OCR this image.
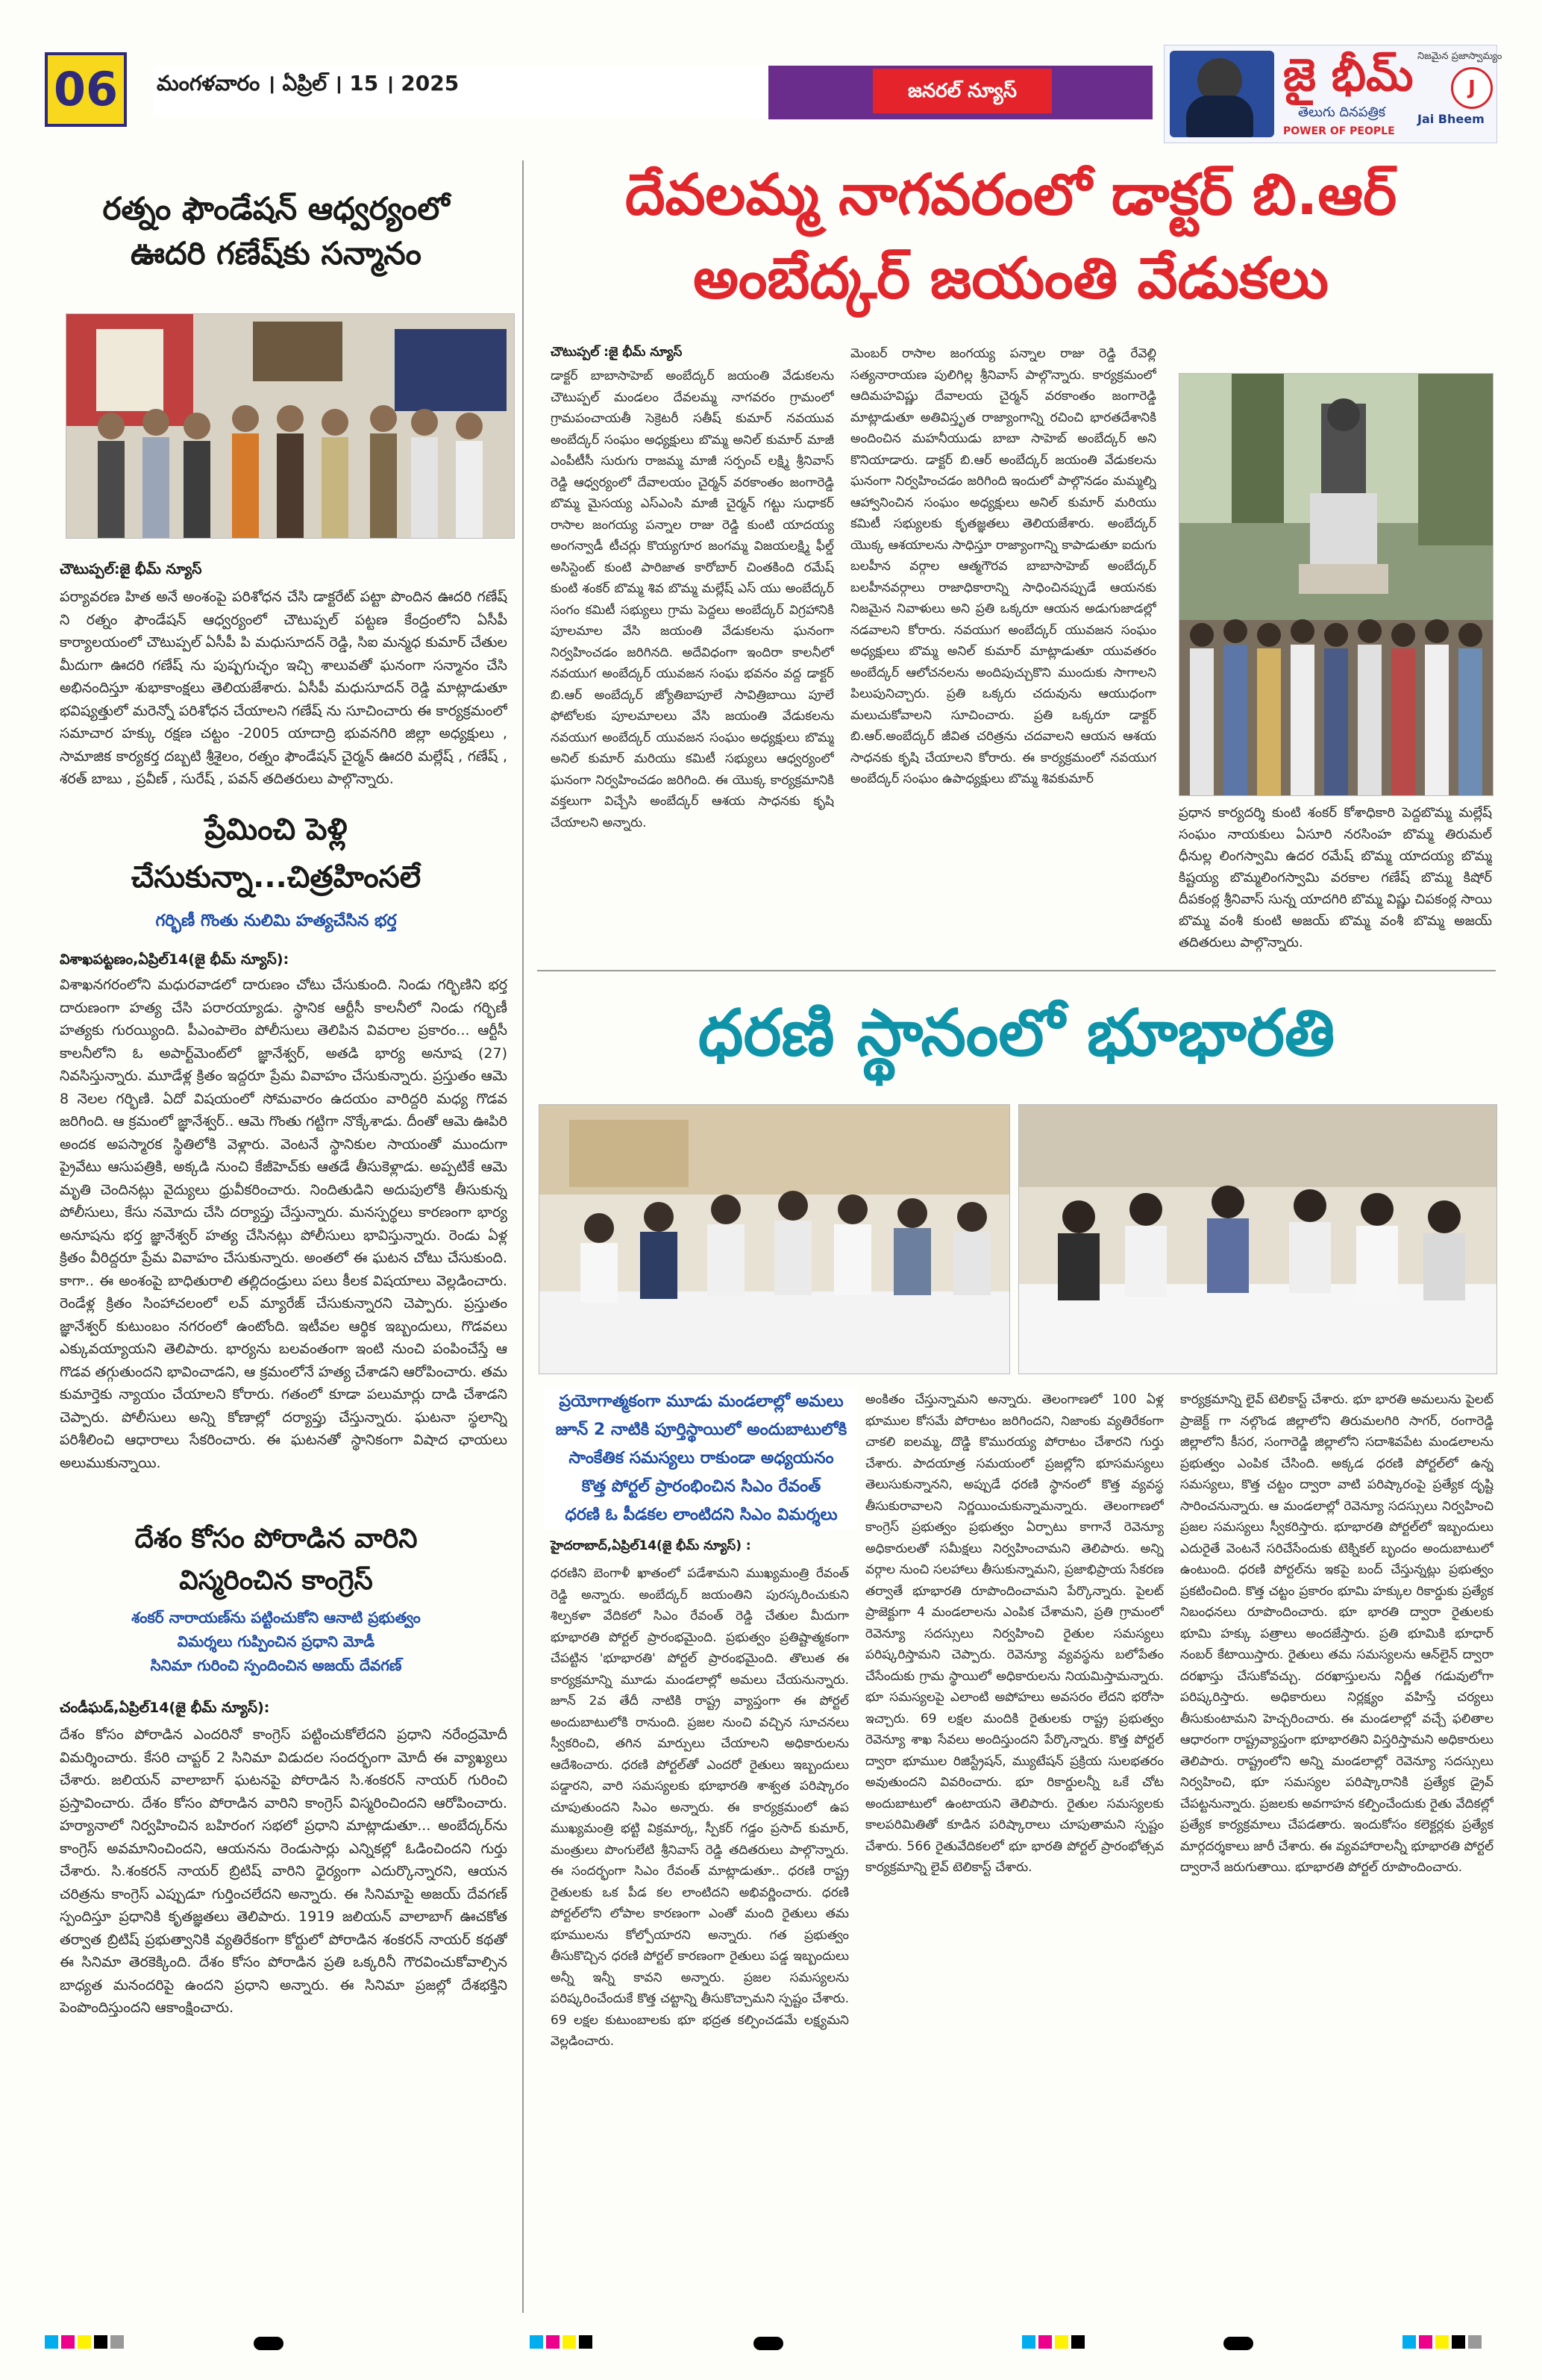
06	మంగళవారం । ఏప్రిల్ । 15 । 2025	జనరల్ న్యూస్	జై భీమ్
తెలుగు దినపత్రిక
నిజమైన ప్రజాస్వామ్యం
J
Jai Bheem
POWER OF PEOPLE
రత్నం ఫౌండేషన్ ఆధ్వర్యంలో
ఊదరి గణేష్‌కు సన్మానం
చౌటుప్పల్:జై భీమ్ న్యూస్
పర్యావరణ హిత అనే అంశంపై పరిశోధన చేసి డాక్టరేట్ పట్టా పొందిన ఊదరి గణేష్‌ ని రత్నం ఫౌండేషన్ ఆధ్వర్యంలో చౌటుప్పల్ పట్టణ కేంద్రంలోని ఏసీపీ కార్యాలయంలో చౌటుప్పల్ ఏసీపీ పి మధుసూదన్ రెడ్డి, సిఐ మన్మధ కుమార్ చేతుల మీదుగా ఊదరి గణేష్ ను పుష్పగుచ్ఛం ఇచ్చి శాలువతో ఘనంగా సన్మానం చేసి అభినందిస్తూ శుభాకాంక్షలు తెలియజేశారు. ఏసీపీ మధుసూదన్ రెడ్డి మాట్లాడుతూ భవిష్యత్తులో మరెన్నో పరిశోధన చేయాలని గణేష్ ను సూచించారు ఈ కార్యక్రమంలో సమాచార హక్కు రక్షణ చట్టం -2005 యాదాద్రి భువనగిరి జిల్లా అధ్యక్షులు , సామాజిక కార్యకర్త దబ్బటి శ్రీశైలం, రత్నం ఫౌండేషన్ చైర్మన్ ఊదరి మల్లేష్ , గణేష్ , శరత్ బాబు , ప్రవీణ్ , సురేష్ , పవన్ తదితరులు పాల్గొన్నారు.
ప్రేమించి పెళ్లి
చేసుకున్నా...చిత్రహింసలే
గర్భిణీ గొంతు నులిమి హత్యచేసిన భర్త
విశాఖపట్టణం,ఏప్రిల్14(జై భీమ్ న్యూస్):
విశాఖనగరంలోని మధురవాడలో దారుణం చోటు చేసుకుంది. నిండు గర్భిణిని భర్త దారుణంగా హత్య చేసి పరారయ్యాడు. స్థానిక ఆర్టీసీ కాలనీలో నిండు గర్భిణీ హత్యకు గురయ్యింది. పీఎంపాలెం పోలీసులు తెలిపిన వివరాల ప్రకారం... ఆర్టీసీ కాలనీలోని ఓ అపార్ట్‌మెంట్‌లో జ్ఞానేశ్వర్, అతడి భార్య అనూష (27) నివసిస్తున్నారు. మూడేళ్ల క్రితం ఇద్దరూ ప్రేమ వివాహం చేసుకున్నారు. ప్రస్తుతం ఆమె 8 నెలల గర్భిణి. ఏదో విషయంలో సోమవారం ఉదయం వారిద్దరి మధ్య గొడవ జరిగింది. ఆ క్రమంలో జ్ఞానేశ్వర్.. ఆమె గొంతు గట్టిగా నొక్కేశాడు. దీంతో ఆమె ఊపిరి అందక అపస్మారక స్థితిలోకి వెళ్లారు. వెంటనే స్థానికుల సాయంతో ముందుగా ప్రైవేటు ఆసుపత్రికి, అక్కడి నుంచి కేజీహెచ్‌కు ఆతడే తీసుకెళ్లాడు. అప్పటికే ఆమె మృతి చెందినట్లు వైద్యులు ధ్రువీకరించారు. నిందితుడిని అదుపులోకి తీసుకున్న పోలీసులు, కేసు నమోదు చేసి దర్యాప్తు చేస్తున్నారు. మనస్పర్థలు కారణంగా భార్య అనూషను భర్త జ్ఞానేశ్వర్ హత్య చేసినట్లు పోలీసులు భావిస్తున్నారు. రెండు ఏళ్ల క్రితం వీరిద్దరూ ప్రేమ వివాహం చేసుకున్నారు. అంతలో ఈ ఘటన చోటు చేసుకుంది. కాగా.. ఈ అంశంపై బాధితురాలి తల్లిదండ్రులు పలు కీలక విషయాలు వెల్లడించారు. రెండేళ్ల క్రితం సింహాచలంలో లవ్ మ్యారేజ్ చేసుకున్నారని చెప్పారు. ప్రస్తుతం జ్ఞానేశ్వర్ కుటుంబం నగరంలో ఉంటోంది. ఇటీవల ఆర్థిక ఇబ్బందులు, గొడవలు ఎక్కువయ్యాయని తెలిపారు. భార్యను బలవంతంగా ఇంటి నుంచి పంపించేస్తే ఆ గొడవ తగ్గుతుందని భావించాడని, ఆ క్రమంలోనే హత్య చేశాడని ఆరోపించారు. తమ కుమార్తెకు న్యాయం చేయాలని కోరారు. గతంలో కూడా పలుమార్లు దాడి చేశాడని చెప్పారు. పోలీసులు అన్ని కోణాల్లో దర్యాప్తు చేస్తున్నారు. ఘటనా స్థలాన్ని పరిశీలించి ఆధారాలు సేకరించారు. ఈ ఘటనతో స్థానికంగా విషాద ఛాయలు అలుముకున్నాయి.
దేశం కోసం పోరాడిన వారిని
విస్మరించిన కాంగ్రెస్
శంకర్ నారాయణ్‌ను పట్టించుకోని ఆనాటి ప్రభుత్వం
విమర్శలు గుప్పించిన ప్రధాని మోడీ
సినిమా గురించి స్పందించిన అజయ్ దేవగణ్
చండీఘడ్,ఏప్రిల్14(జై భీమ్ న్యూస్):
దేశం కోసం పోరాడిన ఎందరినో కాంగ్రెస్ పట్టించుకోలేదని ప్రధాని నరేంద్రమోదీ విమర్శించారు. కేసరి చాప్టర్ 2 సినిమా విడుదల సందర్భంగా మోదీ ఈ వ్యాఖ్యలు చేశారు. జలియన్ వాలాబాగ్ ఘటనపై పోరాడిన సి.శంకరన్ నాయర్ గురించి ప్రస్తావించారు. దేశం కోసం పోరాడిన వారిని కాంగ్రెస్ విస్మరించిందని ఆరోపించారు. హర్యానాలో నిర్వహించిన బహిరంగ సభలో ప్రధాని మాట్లాడుతూ... అంబేద్కర్‌ను కాంగ్రెస్ అవమానించిందని, ఆయనను రెండుసార్లు ఎన్నికల్లో ఓడించిందని గుర్తు చేశారు. సి.శంకరన్ నాయర్ బ్రిటిష్ వారిని ధైర్యంగా ఎదుర్కొన్నారని, ఆయన చరిత్రను కాంగ్రెస్ ఎప్పుడూ గుర్తించలేదని అన్నారు. ఈ సినిమాపై అజయ్ దేవగణ్ స్పందిస్తూ ప్రధానికి కృతజ్ఞతలు తెలిపారు. 1919 జలియన్ వాలాబాగ్ ఊచకోత తర్వాత బ్రిటిష్ ప్రభుత్వానికి వ్యతిరేకంగా కోర్టులో పోరాడిన శంకరన్ నాయర్ కథతో ఈ సినిమా తెరకెక్కింది. దేశం కోసం పోరాడిన ప్రతి ఒక్కరినీ గౌరవించుకోవాల్సిన బాధ్యత మనందరిపై ఉందని ప్రధాని అన్నారు. ఈ సినిమా ప్రజల్లో దేశభక్తిని పెంపొందిస్తుందని ఆకాంక్షించారు.
దేవలమ్మ నాగవరంలో డాక్టర్ బి.ఆర్
అంబేద్కర్ జయంతి వేడుకలు
చౌటుప్పల్ :జై భీమ్ న్యూస్
డాక్టర్ బాబాసాహెబ్ అంబేద్కర్ జయంతి వేడుకలను చౌటుప్పల్ మండలం దేవలమ్మ నాగవరం గ్రామంలో గ్రామపంచాయతీ సెక్రెటరీ సతీష్ కుమార్ నవయువ అంబేద్కర్ సంఘం అధ్యక్షులు బొమ్మ అనిల్ కుమార్ మాజీ ఎంపీటీసీ సురుగు రాజమ్మ మాజీ సర్పంచ్ లక్ష్మి శ్రీనివాస్ రెడ్డి ఆధ్వర్యంలో దేవాలయం చైర్మన్ వరకాంతం జంగారెడ్డి బొమ్మ మైసయ్య ఎస్ఎంసి మాజీ చైర్మన్ గట్టు సుధాకర్ రాసాల జంగయ్య పన్నాల రాజు రెడ్డి కుంటి యాదయ్య అంగన్వాడీ టీచర్లు కొయ్యగూర జంగమ్మ విజయలక్ష్మి ఫీల్డ్ అసిస్టెంట్ కుంటి పారిజాత కారోబార్ చింతకింది రమేష్ కుంటి శంకర్ బొమ్మ శివ బొమ్మ మల్లేష్ ఎస్ యు అంబేద్కర్ సంగం కమిటీ సభ్యులు గ్రామ పెద్దలు అంబేద్కర్ విగ్రహానికి పూలమాల వేసి జయంతి వేడుకలను ఘనంగా నిర్వహించడం జరిగినది. అదేవిధంగా ఇందిరా కాలనీలో నవయుగ అంబేద్కర్ యువజన సంఘ భవనం వద్ద డాక్టర్ బి.ఆర్ అంబేద్కర్ జ్యోతిబాపూలే సావిత్రిబాయి పూలే ఫోటోలకు పూలమాలలు వేసి జయంతి వేడుకలను నవయుగ అంబేద్కర్ యువజన సంఘం అధ్యక్షులు బొమ్మ అనిల్ కుమార్ మరియు కమిటీ సభ్యులు ఆధ్వర్యంలో ఘనంగా నిర్వహించడం జరిగింది. ఈ యొక్క కార్యక్రమానికి వక్తలుగా విచ్చేసి అంబేద్కర్ ఆశయ సాధనకు కృషి చేయాలని అన్నారు.
మెంబర్ రాసాల జంగయ్య పన్నాల రాజు రెడ్డి రేవెల్లి సత్యనారాయణ పులిగిల్ల శ్రీనివాస్ పాల్గొన్నారు. కార్యక్రమంలో ఆదిమహవిష్ణు దేవాలయ చైర్మన్ వరకాంతం జంగారెడ్డి మాట్లాడుతూ అతివిస్తృత రాజ్యాంగాన్ని రచించి భారతదేశానికి అందించిన మహనీయుడు బాబా సాహెబ్ అంబేద్కర్ అని కొనియాడారు. డాక్టర్ బి.ఆర్ అంబేద్కర్ జయంతి వేడుకలను ఘనంగా నిర్వహించడం జరిగింది ఇందులో పాల్గొనడం మమ్మల్ని ఆహ్వానించిన సంఘం అధ్యక్షులు అనిల్ కుమార్ మరియు కమిటీ సభ్యులకు కృతజ్ఞతలు తెలియజేశారు. అంబేద్కర్ యొక్క ఆశయాలను సాధిస్తూ రాజ్యాంగాన్ని కాపాడుతూ ఐదుగు బలహీన వర్గాల ఆత్మగౌరవ బాబాసాహెబ్ అంబేద్కర్ బలహీనవర్గాలు రాజాధికారాన్ని సాధించినప్పుడే ఆయనకు నిజమైన నివాళులు అని ప్రతి ఒక్కరూ ఆయన అడుగుజాడల్లో నడవాలని కోరారు. నవయుగ అంబేద్కర్ యువజన సంఘం అధ్యక్షులు బొమ్మ అనిల్ కుమార్ మాట్లాడుతూ యువతరం అంబేద్కర్ ఆలోచనలను అందిపుచ్చుకొని ముందుకు సాగాలని పిలుపునిచ్చారు. ప్రతి ఒక్కరు చదువును ఆయుధంగా మలుచుకోవాలని సూచించారు. ప్రతి ఒక్కరూ డాక్టర్ బి.ఆర్.అంబేద్కర్ జీవిత చరిత్రను చదవాలని ఆయన ఆశయ సాధనకు కృషి చేయాలని కోరారు. ఈ కార్యక్రమంలో నవయుగ అంబేద్కర్ సంఘం ఉపాధ్యక్షులు బొమ్మ శివకుమార్
ప్రధాన కార్యదర్శి కుంటి శంకర్ కోశాధికారి పెద్దబొమ్మ మల్లేష్ సంఘం నాయకులు ఏసూరి నరసింహ బొమ్మ తిరుమల్ ధీనుల్ల లింగస్వామి ఉదర రమేష్ బొమ్మ యాదయ్య బొమ్మ కిష్టయ్య బొమ్మలింగస్వామి వరకాల గణేష్ బొమ్మ కిషోర్ దీపకంఠ్ల శ్రీనివాస్ సున్న యాదగిరి బొమ్మ విష్ణు చిపకంఠ్ల సాయి బొమ్మ వంశీ కుంటి అజయ్ బొమ్మ వంశీ బొమ్మ అజయ్ తదితరులు పాల్గొన్నారు.
ధరణి స్థానంలో భూభారతి
ప్రయోగాత్మకంగా మూడు మండలాల్లో అమలు
జూన్ 2 నాటికి పూర్తిస్థాయిలో అందుబాటులోకి
సాంకేతిక సమస్యలు రాకుండా అధ్యయనం
కొత్త పోర్టల్ ప్రారంభించిన సిఎం రేవంత్
ధరణి ఓ పీడకల లాంటిదని సిఎం విమర్శలు
హైదరాబాద్,ఏప్రిల్14(జై భీమ్ న్యూస్) :
ధరణిని బెంగాళీ ఖాతంలో పడేశామని ముఖ్యమంత్రి రేవంత్ రెడ్డి అన్నారు. అంబేద్కర్ జయంతిని పురస్కరించుకుని శిల్పకళా వేదికలో సిఎం రేవంత్ రెడ్డి చేతుల మీదుగా భూభారతి పోర్టల్ ప్రారంభమైంది. ప్రభుత్వం ప్రతిష్టాత్మకంగా చేపట్టిన 'భూభారతి' పోర్టల్ ప్రారంభమైంది. తొలుత ఈ కార్యక్రమాన్ని మూడు మండలాల్లో అమలు చేయనున్నారు. జూన్ 2వ తేదీ నాటికి రాష్ట్ర వ్యాప్తంగా ఈ పోర్టల్ అందుబాటులోకి రానుంది. ప్రజల నుంచి వచ్చిన సూచనలు స్వీకరించి, తగిన మార్పులు చేయాలని అధికారులను ఆదేశించారు. ధరణి పోర్టల్‌తో ఎందరో రైతులు ఇబ్బందులు పడ్డారని, వారి సమస్యలకు భూభారతి శాశ్వత పరిష్కారం చూపుతుందని సిఎం అన్నారు. ఈ కార్యక్రమంలో ఉప ముఖ్యమంత్రి భట్టి విక్రమార్క, స్పీకర్ గడ్డం ప్రసాద్ కుమార్, మంత్రులు పొంగులేటి శ్రీనివాస్ రెడ్డి తదితరులు పాల్గొన్నారు. ఈ సందర్భంగా సిఎం రేవంత్ మాట్లాడుతూ.. ధరణి రాష్ట్ర రైతులకు ఒక పీడ కల లాంటిదని అభివర్ణించారు. ధరణి పోర్టల్‌లోని లోపాల కారణంగా ఎంతో మంది రైతులు తమ భూములను కోల్పోయారని అన్నారు. గత ప్రభుత్వం తీసుకొచ్చిన ధరణి పోర్టల్ కారణంగా రైతులు పడ్డ ఇబ్బందులు అన్నీ ఇన్నీ కావని అన్నారు. ప్రజల సమస్యలను పరిష్కరించేందుకే కొత్త చట్టాన్ని తీసుకొచ్చామని స్పష్టం చేశారు. 69 లక్షల కుటుంబాలకు భూ భద్రత కల్పించడమే లక్ష్యమని వెల్లడించారు.
అంకితం చేస్తున్నామని అన్నారు. తెలంగాణలో 100 ఏళ్ల భూముల కోసమే పోరాటం జరిగిందని, నిజాంకు వ్యతిరేకంగా చాకలి ఐలమ్మ, దొడ్డి కొమురయ్య పోరాటం చేశారని గుర్తు చేశారు. పాదయాత్ర సమయంలో ప్రజల్లోని భూసమస్యలు తెలుసుకున్నానని, అప్పుడే ధరణి స్థానంలో కొత్త వ్యవస్థ తీసుకురావాలని నిర్ణయించుకున్నామన్నారు. తెలంగాణలో కాంగ్రెస్ ప్రభుత్వం ప్రభుత్వం ఏర్పాటు కాగానే రెవెన్యూ అధికారులతో సమీక్షలు నిర్వహించామని తెలిపారు. అన్ని వర్గాల నుంచి సలహాలు తీసుకున్నామని, ప్రజాభిప్రాయ సేకరణ తర్వాతే భూభారతి రూపొందించామని పేర్కొన్నారు. పైలట్ ప్రాజెక్టుగా 4 మండలాలను ఎంపిక చేశామని, ప్రతి గ్రామంలో రెవెన్యూ సదస్సులు నిర్వహించి రైతుల సమస్యలు పరిష్కరిస్తామని చెప్పారు. రెవెన్యూ వ్యవస్థను బలోపేతం చేసేందుకు గ్రామ స్థాయిలో అధికారులను నియమిస్తామన్నారు. భూ సమస్యలపై ఎలాంటి అపోహలు అవసరం లేదని భరోసా ఇచ్చారు. 69 లక్షల మందికి రైతులకు రాష్ట్ర ప్రభుత్వం రెవెన్యూ శాఖ సేవలు అందిస్తుందని పేర్కొన్నారు. కొత్త పోర్టల్ ద్వారా భూముల రిజిస్ట్రేషన్, మ్యుటేషన్ ప్రక్రియ సులభతరం అవుతుందని వివరించారు. భూ రికార్డులన్నీ ఒకే చోట అందుబాటులో ఉంటాయని తెలిపారు. రైతుల సమస్యలకు కాలపరిమితితో కూడిన పరిష్కారాలు చూపుతామని స్పష్టం చేశారు. 566 రైతువేదికలలో భూ భారతి పోర్టల్ ప్రారంభోత్సవ కార్యక్రమాన్ని లైవ్ టెలికాస్ట్ చేశారు.
కార్యక్రమాన్ని లైవ్ టెలికాస్ట్ చేశారు. భూ భారతి అమలును పైలట్ ప్రాజెక్ట్ గా నల్గొండ జిల్లాలోని తిరుమలగిరి సాగర్, రంగారెడ్డి జిల్లాలోని కీసర, సంగారెడ్డి జిల్లాలోని సదాశివపేట మండలాలను ప్రభుత్వం ఎంపిక చేసింది. అక్కడ ధరణి పోర్టల్‌లో ఉన్న సమస్యలు, కొత్త చట్టం ద్వారా వాటి పరిష్కారంపై ప్రత్యేక దృష్టి సారించనున్నారు. ఆ మండలాల్లో రెవెన్యూ సదస్సులు నిర్వహించి ప్రజల సమస్యలు స్వీకరిస్తారు. భూభారతి పోర్టల్‌లో ఇబ్బందులు ఎదురైతే వెంటనే సరిచేసేందుకు టెక్నికల్ బృందం అందుబాటులో ఉంటుంది. ధరణి పోర్టల్‌ను ఇకపై బంద్ చేస్తున్నట్లు ప్రభుత్వం ప్రకటించింది. కొత్త చట్టం ప్రకారం భూమి హక్కుల రికార్డుకు ప్రత్యేక నిబంధనలు రూపొందించారు. భూ భారతి ద్వారా రైతులకు భూమి హక్కు పత్రాలు అందజేస్తారు. ప్రతి భూమికి భూధార్ నంబర్ కేటాయిస్తారు. రైతులు తమ సమస్యలను ఆన్‌లైన్ ద్వారా దరఖాస్తు చేసుకోవచ్చు. దరఖాస్తులను నిర్ణీత గడువులోగా పరిష్కరిస్తారు. అధికారులు నిర్లక్ష్యం వహిస్తే చర్యలు తీసుకుంటామని హెచ్చరించారు. ఈ మండలాల్లో వచ్చే ఫలితాల ఆధారంగా రాష్ట్రవ్యాప్తంగా భూభారతిని విస్తరిస్తామని అధికారులు తెలిపారు. రాష్ట్రంలోని అన్ని మండలాల్లో రెవెన్యూ సదస్సులు నిర్వహించి, భూ సమస్యల పరిష్కారానికి ప్రత్యేక డ్రైవ్ చేపట్టనున్నారు. ప్రజలకు అవగాహన కల్పించేందుకు రైతు వేదికల్లో ప్రత్యేక కార్యక్రమాలు చేపడతారు. ఇందుకోసం కలెక్టర్లకు ప్రత్యేక మార్గదర్శకాలు జారీ చేశారు. ఈ వ్యవహారాలన్నీ భూభారతి పోర్టల్ ద్వారానే జరుగుతాయి. భూభారతి పోర్టల్ రూపొందించారు.
